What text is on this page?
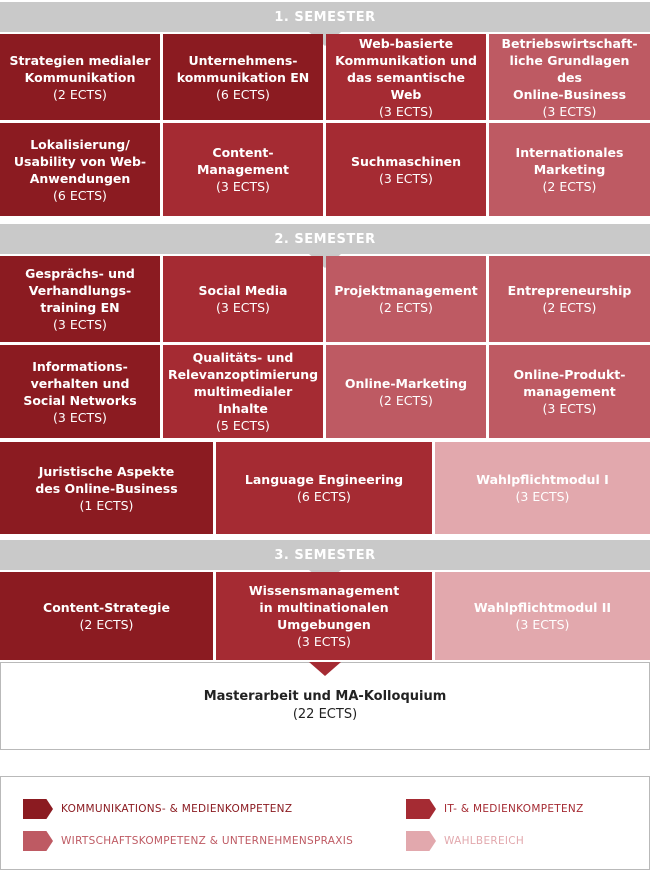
1. SEMESTER
Strategien medialer
Kommunikation
(2 ECTS)
Unternehmens-
kommunikation EN
(6 ECTS)
Web-basierte
Kommunikation und
das semantische Web
(3 ECTS)
Betriebswirtschaft-
liche Grundlagen des
Online-Business
(3 ECTS)
Lokalisierung/
Usability von Web-
Anwendungen
(6 ECTS)
Content-
Management
(3 ECTS)
Suchmaschinen
(3 ECTS)
Internationales
Marketing
(2 ECTS)
2. SEMESTER
Gesprächs- und
Verhandlungs-
training EN
(3 ECTS)
Social Media
(3 ECTS)
Projektmanagement
(2 ECTS)
Entrepreneurship
(2 ECTS)
Informations-
verhalten und
Social Networks
(3 ECTS)
Qualitäts- und
Relevanzoptimierung
multimedialer Inhalte
(5 ECTS)
Online-Marketing
(2 ECTS)
Online-Produkt-
management
(3 ECTS)
Juristische Aspekte
des Online-Business
(1 ECTS)
Language Engineering
(6 ECTS)
Wahlpflichtmodul I
(3 ECTS)
3. SEMESTER
Content-Strategie
(2 ECTS)
Wissensmanagement
in multinationalen
Umgebungen
(3 ECTS)
Wahlpflichtmodul II
(3 ECTS)
Masterarbeit und MA-Kolloquium
(22 ECTS)
KOMMUNIKATIONS- & MEDIENKOMPETENZ	IT- & MEDIENKOMPETENZ
WIRTSCHAFTSKOMPETENZ & UNTERNEHMENSPRAXIS	WAHLBEREICH
